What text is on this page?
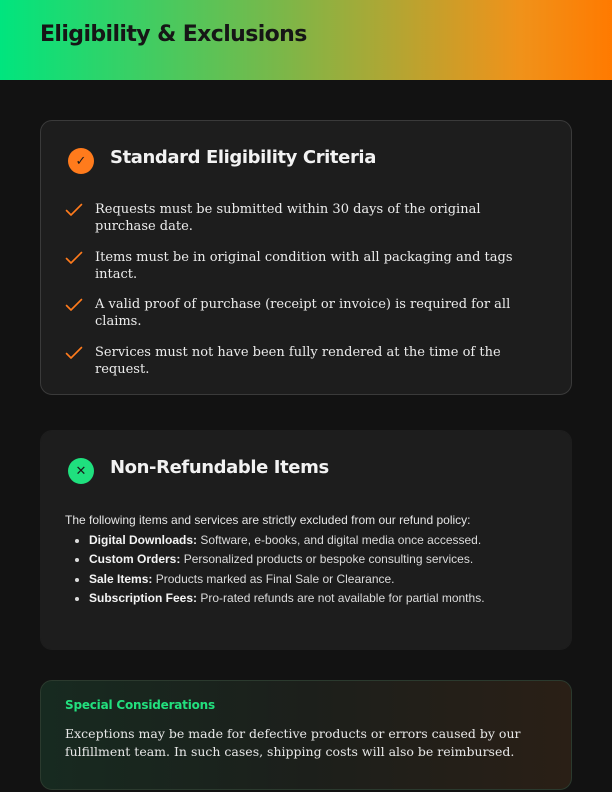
Eligibility & Exclusions
✓	Standard Eligibility Criteria
Requests must be submitted within 30 days of the original purchase date.
Items must be in original condition with all packaging and tags intact.
A valid proof of purchase (receipt or invoice) is required for all claims.
Services must not have been fully rendered at the time of the request.
✕	Non-Refundable Items

The following items and services are strictly excluded from our refund policy:

• Digital Downloads: Software, e-books, and digital media once accessed.
• Custom Orders: Personalized products or bespoke consulting services.
• Sale Items: Products marked as Final Sale or Clearance.
• Subscription Fees: Pro-rated refunds are not available for partial months.
Special Considerations

Exceptions may be made for defective products or errors caused by our fulfillment team. In such cases, shipping costs will also be reimbursed.
